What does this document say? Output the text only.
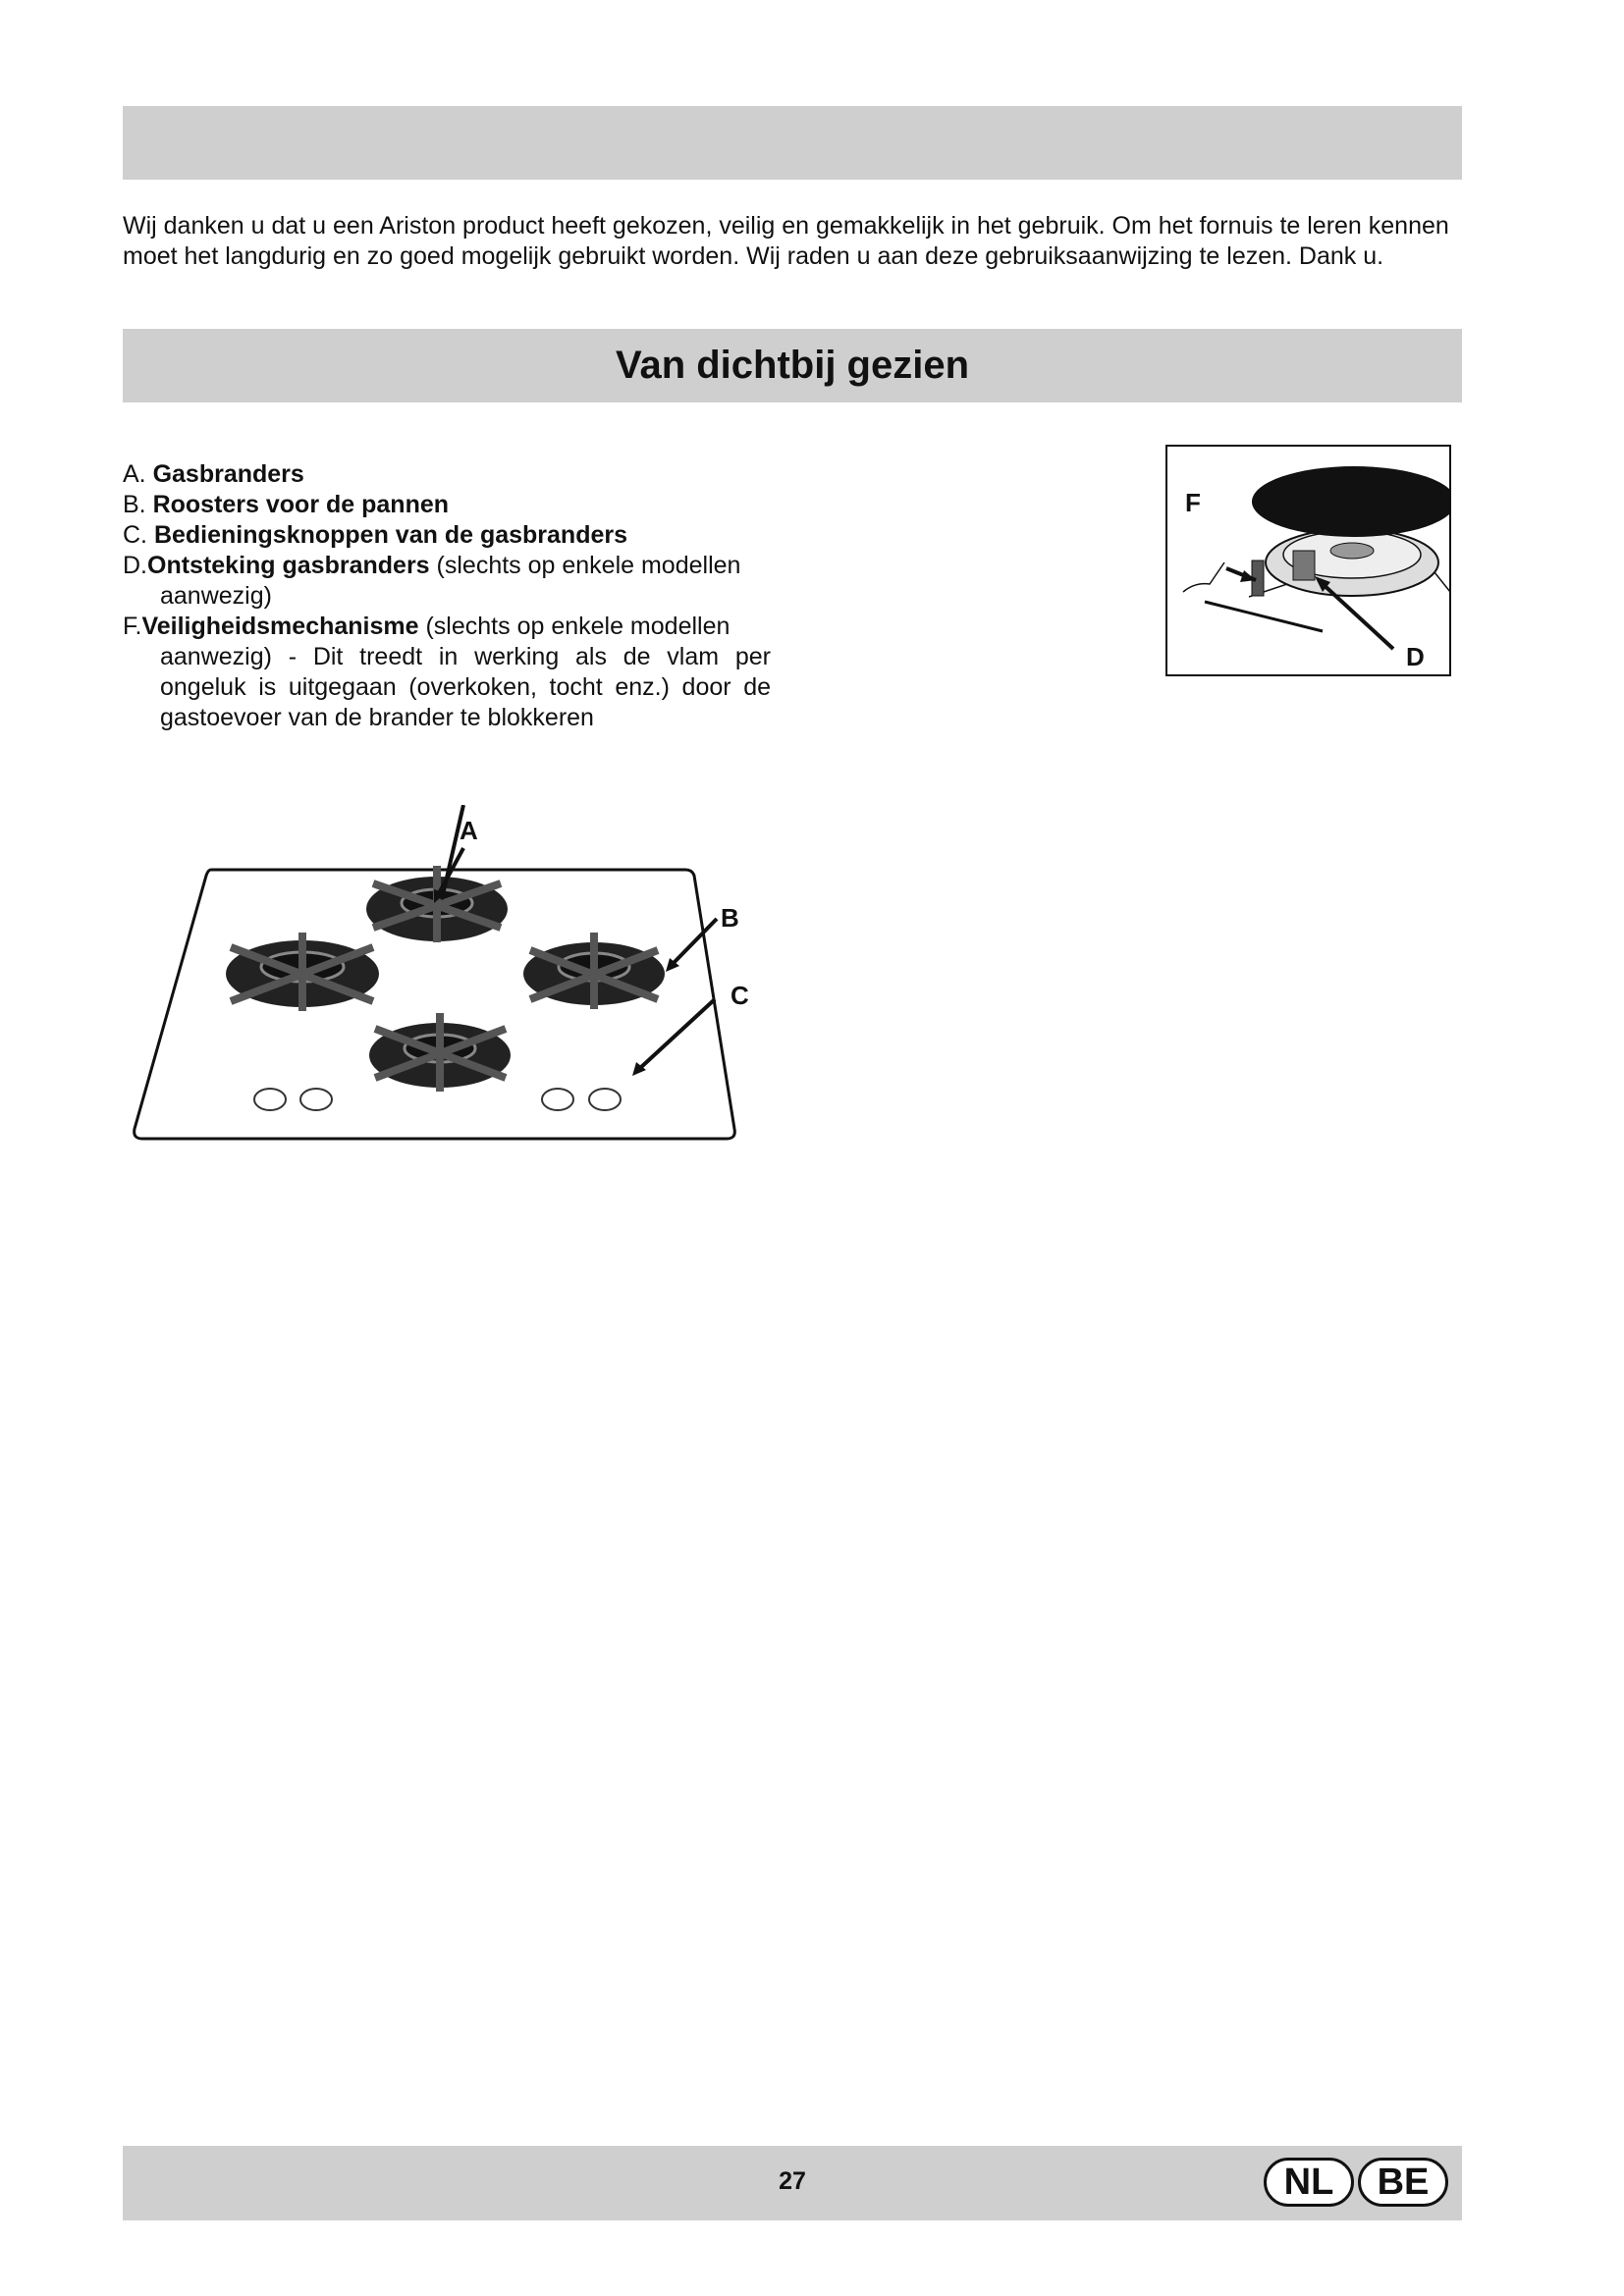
Wij danken u dat u een Ariston product heeft gekozen, veilig en gemakkelijk in het gebruik. Om het fornuis te leren kennen moet het langdurig en zo goed mogelijk gebruikt worden. Wij raden u aan deze gebruiksaanwijzing te lezen. Dank u.

Van dichtbij gezien
A. Gasbranders
B. Roosters voor de pannen
C. Bedieningsknoppen van de gasbranders
D.Ontsteking gasbranders (slechts op enkele modellen
aanwezig)
F.Veiligheidsmechanisme (slechts op enkele modellen
aanwezig) - Dit treedt in werking als de vlam per ongeluk is uitgegaan (overkoken, tocht enz.) door de gastoevoer van de brander te blokkeren
F
D
A
B
C

27	NL	BE
